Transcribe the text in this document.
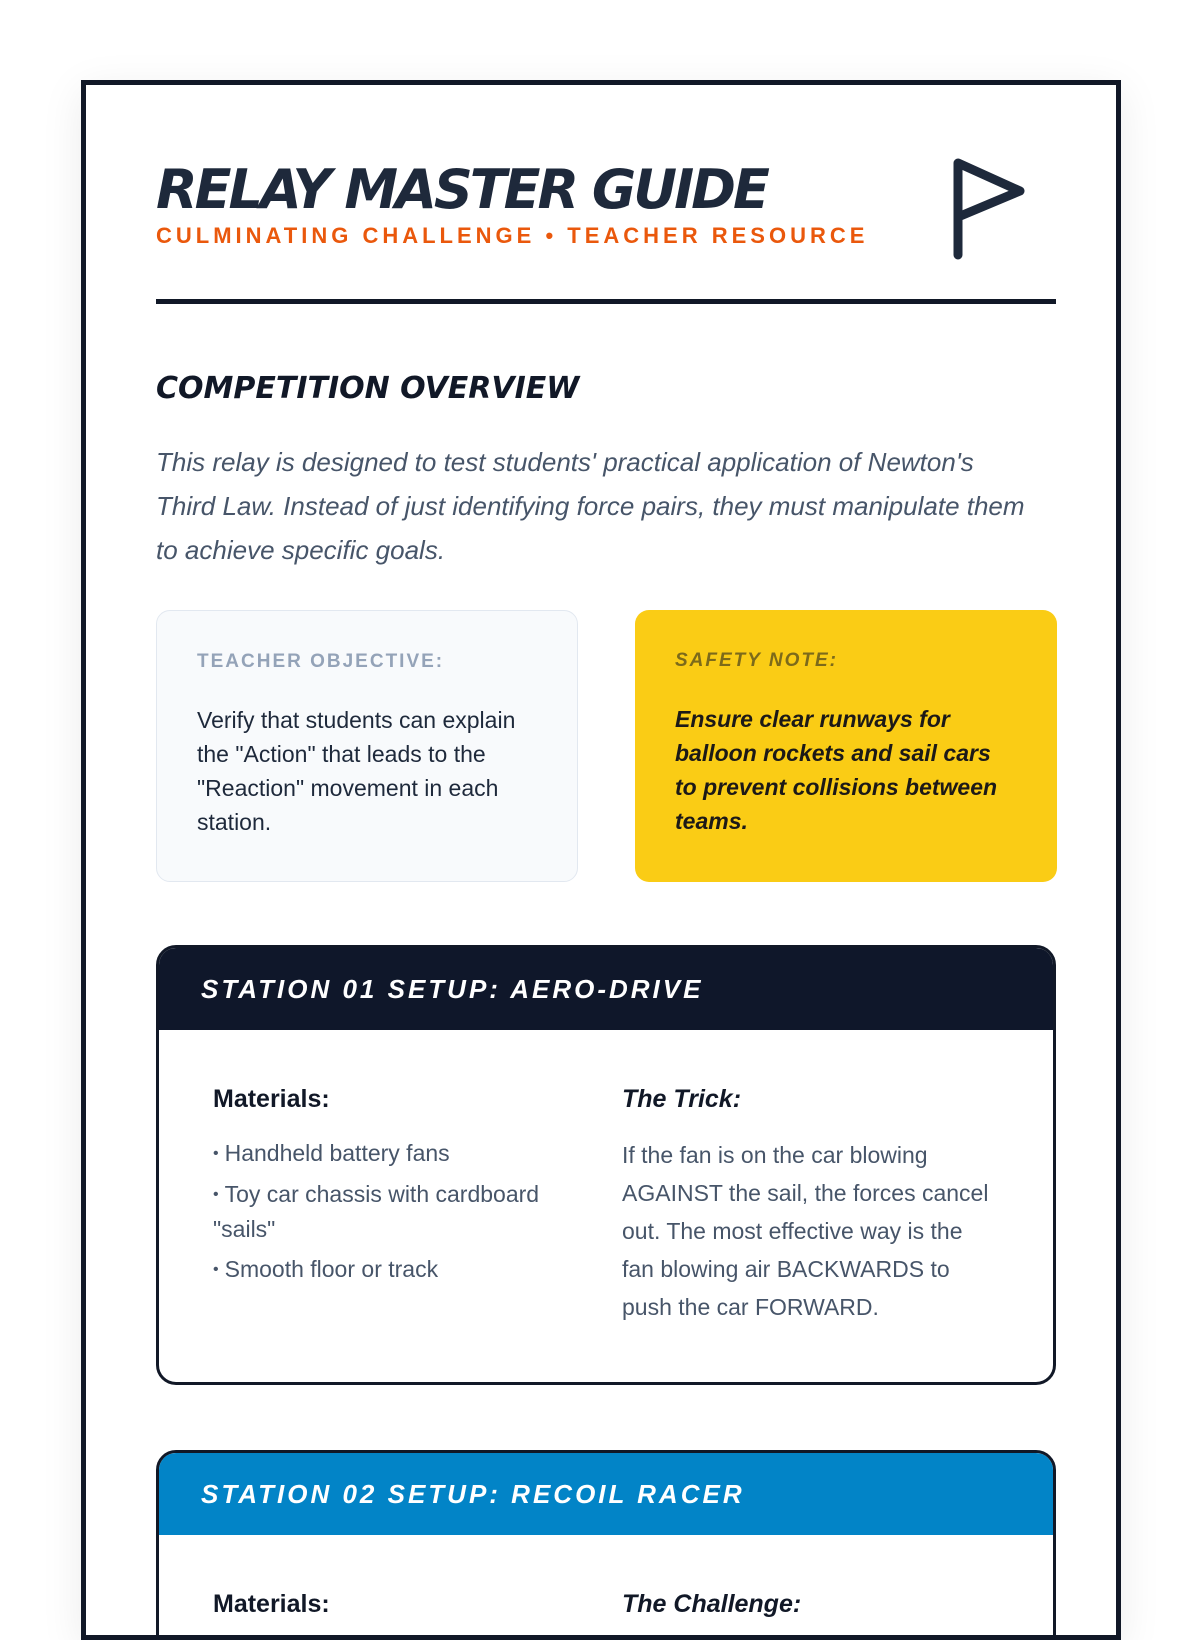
RELAY MASTER GUIDE
CULMINATING CHALLENGE • TEACHER RESOURCE
COMPETITION OVERVIEW
This relay is designed to test students' practical application of Newton's Third Law. Instead of just identifying force pairs, they must manipulate them to achieve specific goals.
TEACHER OBJECTIVE:
Verify that students can explain the "Action" that leads to the "Reaction" movement in each station.
SAFETY NOTE:
Ensure clear runways for balloon rockets and sail cars to prevent collisions between teams.
STATION 01 SETUP: AERO-DRIVE
Materials:
• Handheld battery fans
• Toy car chassis with cardboard "sails"
• Smooth floor or track
The Trick:
If the fan is on the car blowing AGAINST the sail, the forces cancel out. The most effective way is the fan blowing air BACKWARDS to push the car FORWARD.
STATION 02 SETUP: RECOIL RACER
Materials:	The Challenge:
